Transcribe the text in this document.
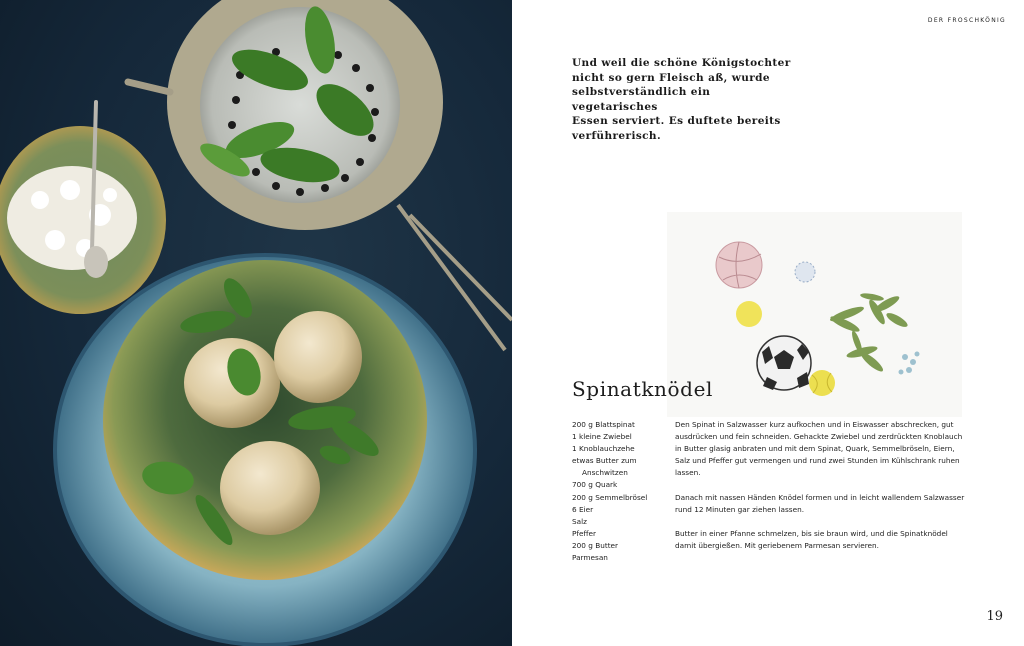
DER FROSCHKÖNIG

Und weil die schöne Königstochter

nicht so gern Fleisch aß, wurde

selbstverständlich ein vegetarisches

Essen serviert. Es duftete bereits

verführerisch.

Spinatknödel
200 g Blattspinat
1 kleine Zwiebel
1 Knoblauchzehe
etwas Butter zum
Anschwitzen
700 g Quark
200 g Semmelbrösel
6 Eier
Salz
Pfeffer
200 g Butter
Parmesan

Den Spinat in Salzwasser kurz aufkochen und in Eiswasser abschrecken, gut
ausdrücken und fein schneiden. Gehackte Zwiebel und zerdrückten Knoblauch
in Butter glasig anbraten und mit dem Spinat, Quark, Semmelbröseln, Eiern,
Salz und Pfeffer gut vermengen und rund zwei Stunden im Kühlschrank ruhen
lassen.

Danach mit nassen Händen Knödel formen und in leicht wallendem Salzwasser
rund 12 Minuten gar ziehen lassen.

Butter in einer Pfanne schmelzen, bis sie braun wird, und die Spinatknödel
damit übergießen. Mit geriebenem Parmesan servieren.

19
